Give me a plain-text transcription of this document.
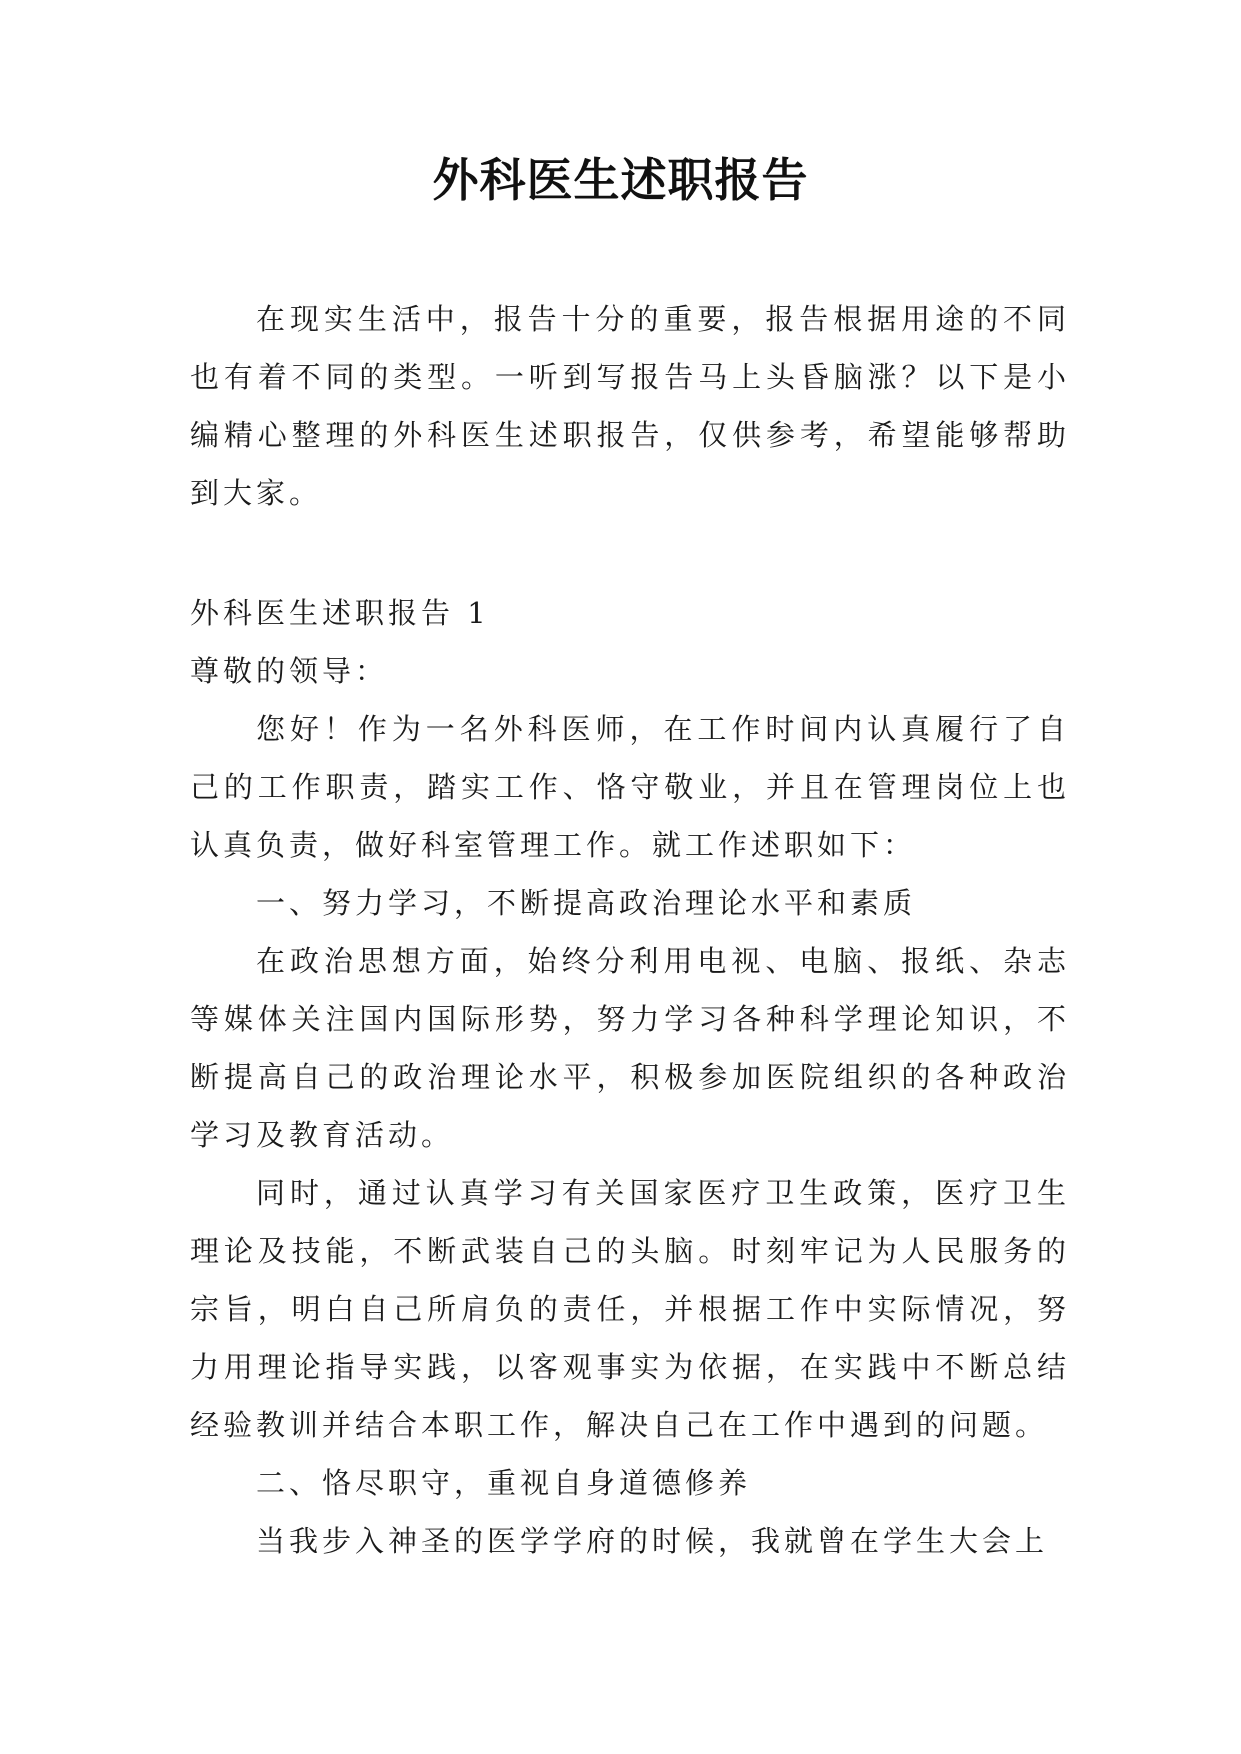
外科医生述职报告

在现实生活中，报告十分的重要，报告根据用途的不同也有着不同的类型。一听到写报告马上头昏脑涨？以下是小编精心整理的外科医生述职报告，仅供参考，希望能够帮助到大家。

外科医生述职报告 1

尊敬的领导：

您好！作为一名外科医师，在工作时间内认真履行了自己的工作职责，踏实工作、恪守敬业，并且在管理岗位上也认真负责，做好科室管理工作。就工作述职如下：

一、努力学习，不断提高政治理论水平和素质

在政治思想方面，始终分利用电视、电脑、报纸、杂志等媒体关注国内国际形势，努力学习各种科学理论知识，不断提高自己的政治理论水平，积极参加医院组织的各种政治学习及教育活动。

同时，通过认真学习有关国家医疗卫生政策，医疗卫生理论及技能，不断武装自己的头脑。时刻牢记为人民服务的宗旨，明白自己所肩负的责任，并根据工作中实际情况，努力用理论指导实践，以客观事实为依据，在实践中不断总结经验教训并结合本职工作，解决自己在工作中遇到的问题。

二、恪尽职守，重视自身道德修养

当我步入神圣的医学学府的时候，我就曾在学生大会上
